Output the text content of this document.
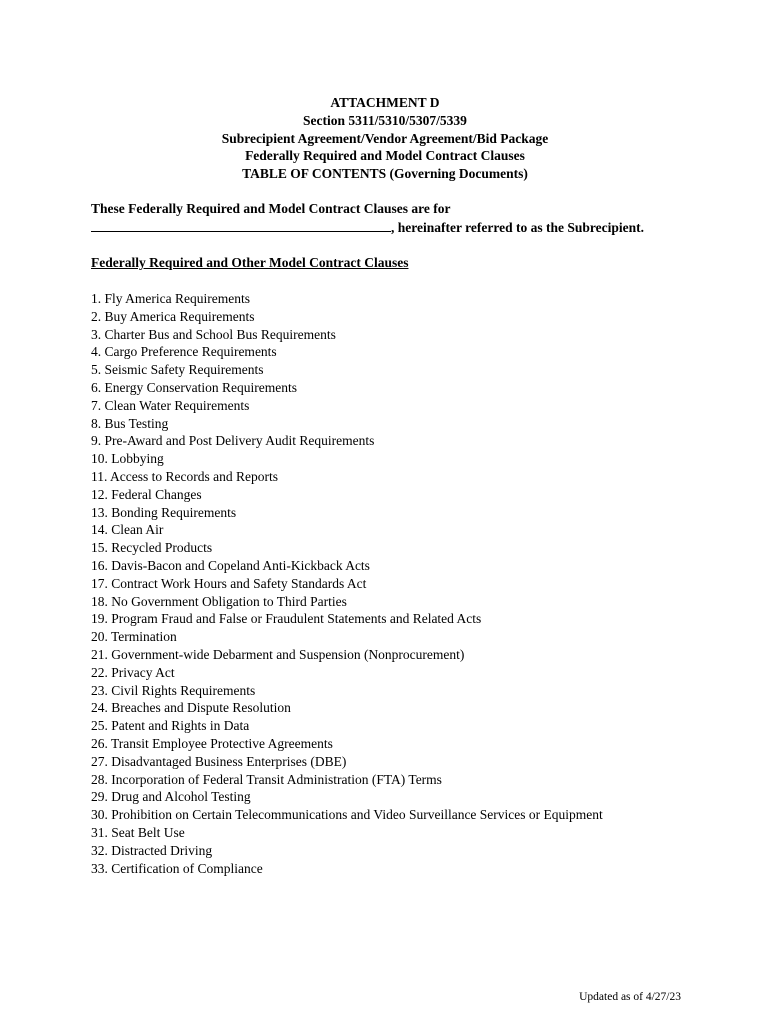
ATTACHMENT D
Section 5311/5310/5307/5339
Subrecipient Agreement/Vendor Agreement/Bid Package
Federally Required and Model Contract Clauses
TABLE OF CONTENTS (Governing Documents)
These Federally Required and Model Contract Clauses are for
, hereinafter referred to as the Subrecipient.
Federally Required and Other Model Contract Clauses
1. Fly America Requirements
2. Buy America Requirements
3. Charter Bus and School Bus Requirements
4. Cargo Preference Requirements
5. Seismic Safety Requirements
6. Energy Conservation Requirements
7. Clean Water Requirements
8. Bus Testing
9. Pre-Award and Post Delivery Audit Requirements
10. Lobbying
11. Access to Records and Reports
12. Federal Changes
13. Bonding Requirements
14. Clean Air
15. Recycled Products
16. Davis-Bacon and Copeland Anti-Kickback Acts
17. Contract Work Hours and Safety Standards Act
18. No Government Obligation to Third Parties
19. Program Fraud and False or Fraudulent Statements and Related Acts
20. Termination
21. Government-wide Debarment and Suspension (Nonprocurement)
22. Privacy Act
23. Civil Rights Requirements
24. Breaches and Dispute Resolution
25. Patent and Rights in Data
26. Transit Employee Protective Agreements
27. Disadvantaged Business Enterprises (DBE)
28. Incorporation of Federal Transit Administration (FTA) Terms
29. Drug and Alcohol Testing
30. Prohibition on Certain Telecommunications and Video Surveillance Services or Equipment
31. Seat Belt Use
32. Distracted Driving
33. Certification of Compliance
Updated as of 4/27/23
